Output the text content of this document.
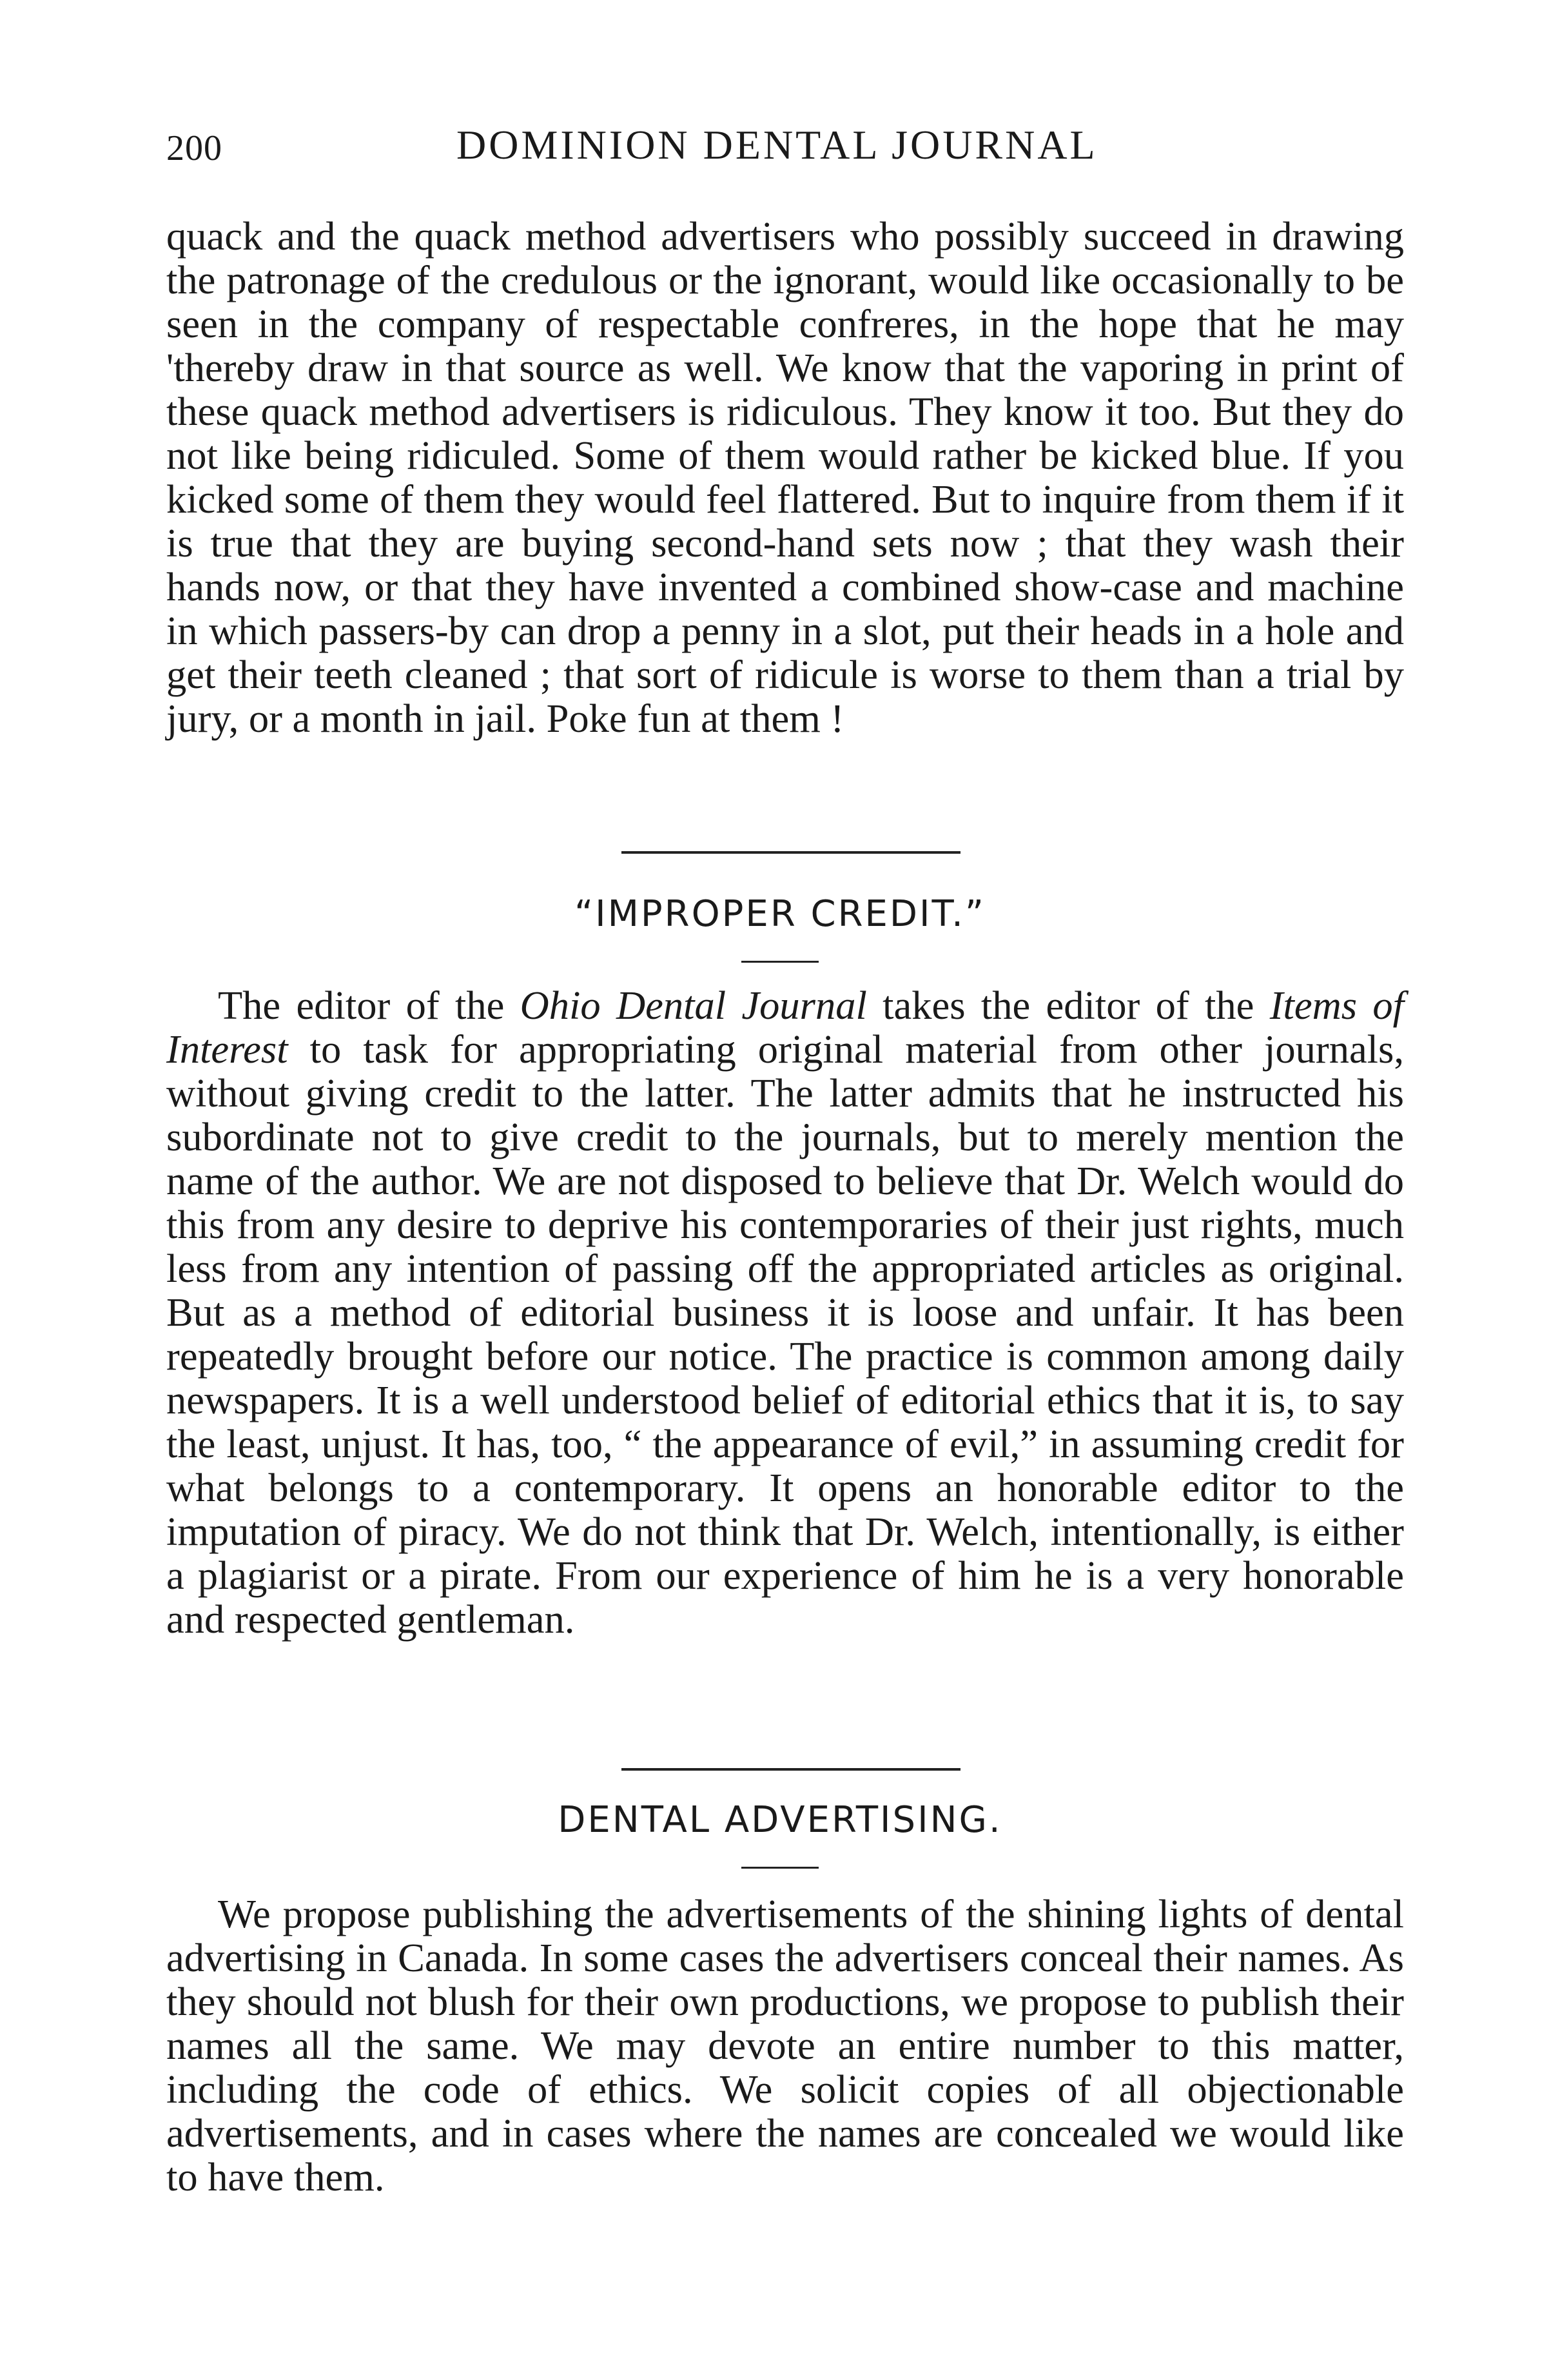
200	DOMINION DENTAL JOURNAL

quack and the quack method advertisers who possibly succeed in drawing the patronage of the credulous or the ignorant, would like occasionally to be seen in the company of respectable confreres, in the hope that he may 'thereby draw in that source as well. We know that the vaporing in print of these quack method advertisers is ridiculous. They know it too. But they do not like being ridiculed. Some of them would rather be kicked blue. If you kicked some of them they would feel flattered. But to inquire from them if it is true that they are buying second-hand sets now ; that they wash their hands now, or that they have invented a combined show-case and machine in which passers-by can drop a penny in a slot, put their heads in a hole and get their teeth cleaned ; that sort of ridicule is worse to them than a trial by jury, or a month in jail. Poke fun at them !

“IMPROPER CREDIT.”

The editor of the Ohio Dental Journal takes the editor of the Items of Interest to task for appropriating original material from other journals, without giving credit to the latter. The latter admits that he instructed his subordinate not to give credit to the journals, but to merely mention the name of the author. We are not disposed to believe that Dr. Welch would do this from any desire to deprive his contemporaries of their just rights, much less from any intention of passing off the appropriated articles as original. But as a method of editorial business it is loose and unfair. It has been repeatedly brought before our notice. The practice is common among daily newspapers. It is a well understood belief of editorial ethics that it is, to say the least, unjust. It has, too, “ the appearance of evil,” in assuming credit for what belongs to a contemporary. It opens an honorable editor to the imputation of piracy. We do not think that Dr. Welch, intentionally, is either a plagiarist or a pirate. From our experience of him he is a very honorable and respected gentleman.

DENTAL ADVERTISING.

We propose publishing the advertisements of the shining lights of dental advertising in Canada. In some cases the advertisers conceal their names. As they should not blush for their own productions, we propose to publish their names all the same. We may devote an entire number to this matter, including the code of ethics. We solicit copies of all objectionable advertisements, and in cases where the names are concealed we would like to have them.
